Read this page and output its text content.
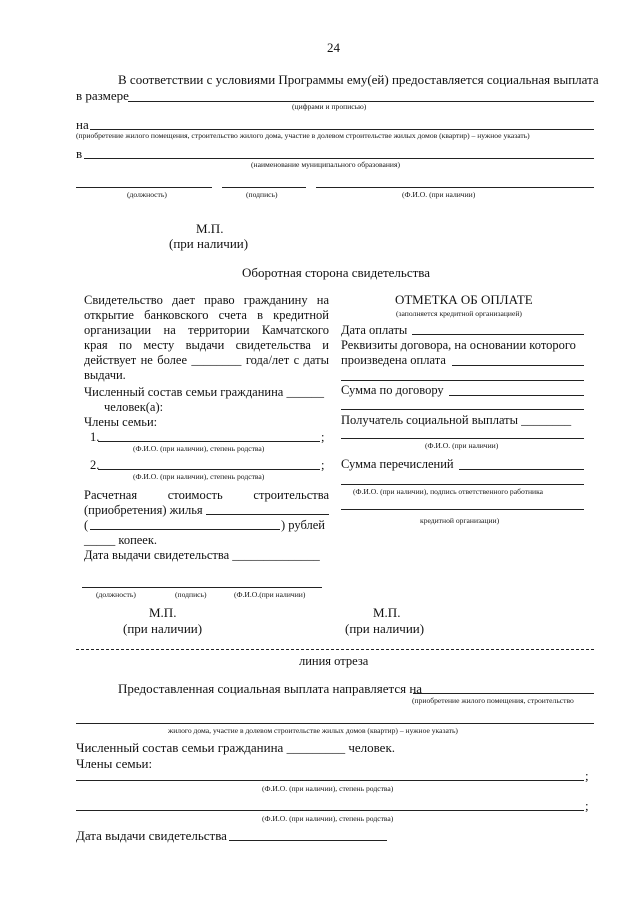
24
В соответствии с условиями Программы ему(ей) предоставляется социальная выплата
в размере
(цифрами и прописью)
на
(приобретение жилого помещения, строительство жилого дома, участие в долевом строительстве жилых домов (квартир) – нужное указать)
в
(наименование муниципального образования)
(должность)	(подпись)	(Ф.И.О. (при наличии)
М.П.
(при наличии)
Оборотная сторона свидетельства
Свидетельство дает право гражданину на
открытие банковского счета в кредитной
организации на территории Камчатского
края по месту выдачи свидетельства и
действует не более ________ года/лет с даты
выдачи.
Численный состав семьи гражданина ______
человек(а):
Члены семьи:
1.	;
(Ф.И.О. (при наличии), степень родства)
2.	;
(Ф.И.О. (при наличии), степень родства)
Расчетная стоимость строительства
(приобретения) жилья
(	) рублей
_____ копеек.
Дата выдачи свидетельства ______________
(должность)	(подпись)	(Ф.И.О.(при наличии)
М.П.
(при наличии)
ОТМЕТКА ОБ ОПЛАТЕ
(заполняется кредитной организацией)
Дата оплаты
Реквизиты договора, на основании которого
произведена оплата
Сумма по договору
Получатель социальной выплаты ________
(Ф.И.О. (при наличии)
Сумма перечислений
(Ф.И.О. (при наличии), подпись ответственного работника
кредитной организации)
М.П.
(при наличии)
линия отреза
Предоставленная социальная выплата направляется на
(приобретение жилого помещения, строительство
жилого дома, участие в долевом строительстве жилых домов (квартир) – нужное указать)
Численный состав семьи гражданина _________ человек.
Члены семьи:
;
(Ф.И.О. (при наличии), степень родства)
;
(Ф.И.О. (при наличии), степень родства)
Дата выдачи свидетельства
